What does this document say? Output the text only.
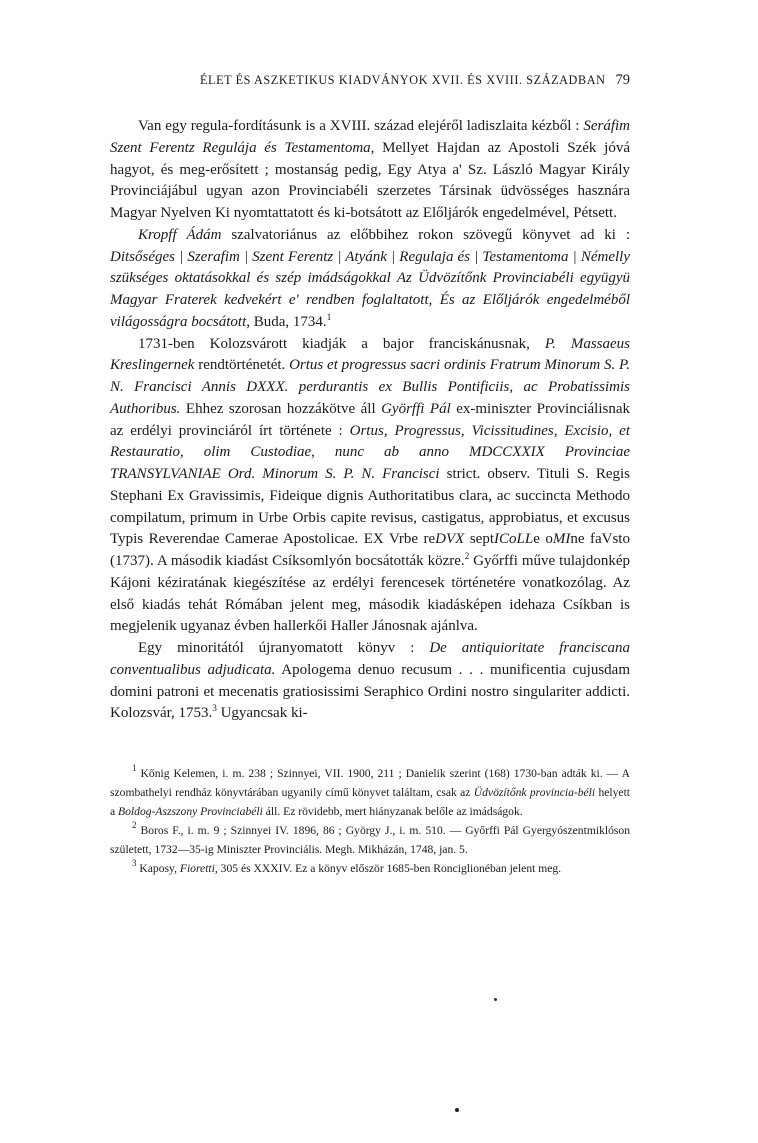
ÉLET ÉS ASZKETIKUS KIADVÁNYOK XVII. ÉS XVIII. SZÁZADBAN 79

Van egy regula-fordításunk is a XVIII. század elejéről ladiszlaita kézből : Seráfim Szent Ferentz Regulája és Testamentoma, Mellyet Hajdan az Apostoli Szék jóvá hagyot, és meg-erősített ; mostanság pedig, Egy Atya a' Sz. László Magyar Király Provinciájábul ugyan azon Provinciabéli szerzetes Társinak üdvösséges hasznára Magyar Nyelven Ki nyomtattatott és ki-botsátott az Előljárók engedelmével, Pétsett.

Kropff Ádám szalvatoriánus az előbbihez rokon szövegű könyvet ad ki : Ditsőséges | Szerafim | Szent Ferentz | Atyánk | Regulaja és | Testamentoma | Némelly szükséges oktatásokkal és szép imádságokkal Az Üdvözítőnk Provinciabéli együgyü Magyar Fraterek kedvekért e' rendben foglaltatott, És az Előljárók engedelméből világosságra bocsátott, Buda, 1734.$^1$

1731-ben Kolozsvárott kiadják a bajor franciskánusnak, P. Massaeus Kreslingernek rendtörténetét. Ortus et progressus sacri ordinis Fratrum Minorum S. P. N. Francisci Annis DXXX. perdurantis ex Bullis Pontificiis, ac Probatissimis Authoribus. Ehhez szorosan hozzákötve áll Györffi Pál ex-miniszter Provinciálisnak az erdélyi provinciáról írt története : Ortus, Progressus, Vicissitudines, Excisio, et Restauratio, olim Custodiae, nunc ab anno MDCCXXIX Provinciae TRANSYLVANIAE Ord. Minorum S. P. N. Francisci strict. observ. Tituli S. Regis Stephani Ex Gravissimis, Fideique dignis Authoritatibus clara, ac succincta Methodo compilatum, primum in Urbe Orbis capite revisus, castigatus, approbiatus, et excusus Typis Reverendae Camerae Apostolicae. EX Vrbe reDVX septICoLLe oMIne faVsto (1737). A második kiadást Csíksomlyón bocsátották közre.$^2$ Győrffi műve tulajdonkép Kájoni kéziratának kiegészítése az erdélyi ferencesek történetére vonatkozólag. Az első kiadás tehát Rómában jelent meg, második kiadásképen idehaza Csíkban is megjelenik ugyanaz évben hallerkői Haller Jánosnak ajánlva.

Egy minoritától újranyomatott könyv : De antiquioritate franciscana conventualibus adjudicata. Apologema denuo recusum . . . munificentia cujusdam domini patroni et mecenatis gratiosissimi Seraphico Ordini nostro singulariter addicti. Kolozsvár, 1753.$^3$ Ugyancsak ki-

$^1$ Kőnig Kelemen, i. m. 238 ; Szinnyei, VII. 1900, 211 ; Danielik szerint (168) 1730-ban adták ki. — A szombathelyi rendház könyvtárában ugyanily című könyvet találtam, csak az Üdvözítőnk provincia-béli helyett a Boldog-Aszszony Provinciabéli áll. Ez rövidebb, mert hiányzanak belőle az imádságok.

$^2$ Boros F., i. m. 9 ; Szinnyei IV. 1896, 86 ; György J., i. m. 510. — Győrffi Pál Gyergyószentmiklóson született, 1732—35-ig Miniszter Provinciális. Megh. Mikházán, 1748, jan. 5.

$^3$ Kaposy, Fioretti, 305 és XXXIV. Ez a könyv először 1685-ben Ronciglionéban jelent meg.
